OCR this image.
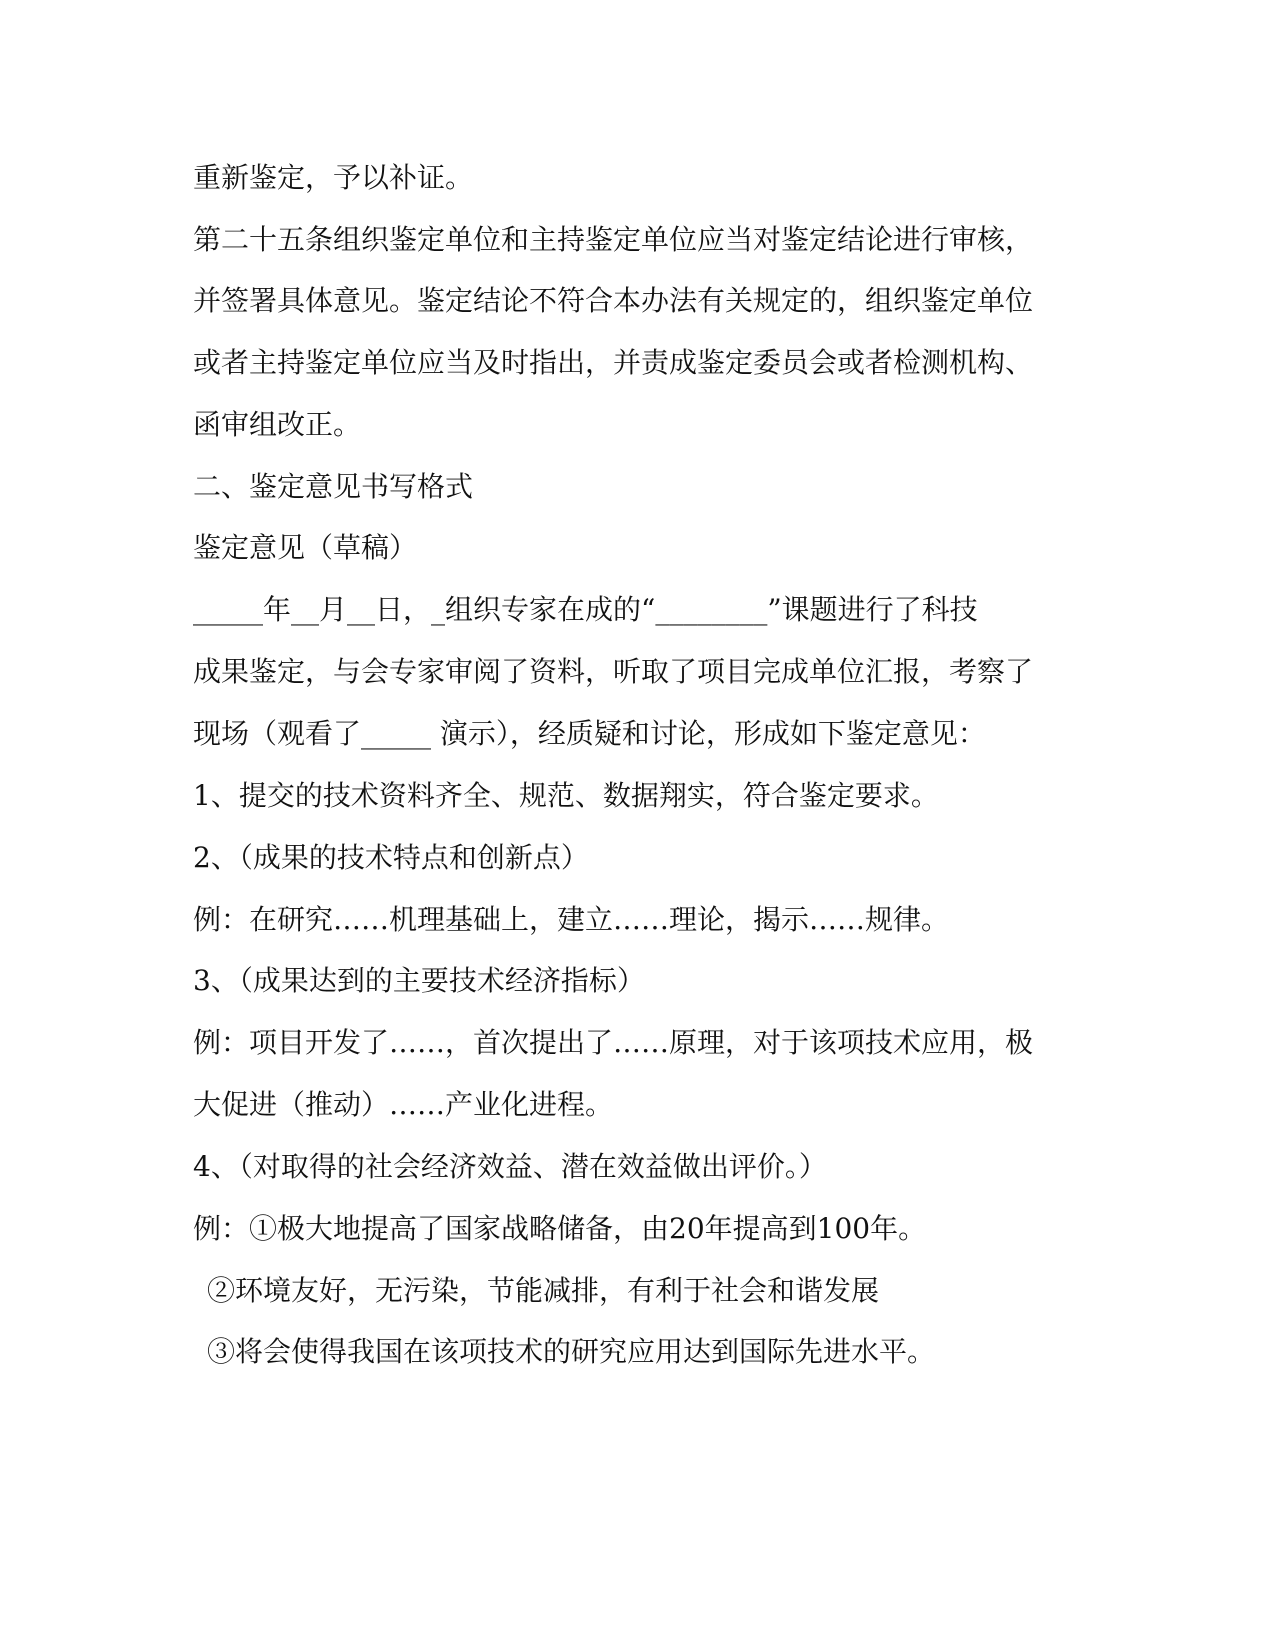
重新鉴定，予以补证。
第二十五条组织鉴定单位和主持鉴定单位应当对鉴定结论进行审核，
并签署具体意见。鉴定结论不符合本办法有关规定的，组织鉴定单位
或者主持鉴定单位应当及时指出，并责成鉴定委员会或者检测机构、
函审组改正。
二、鉴定意见书写格式
鉴定意见（草稿）
_____年__月__日，_组织专家在成的“________”课题进行了科技
成果鉴定，与会专家审阅了资料，听取了项目完成单位汇报，考察了
现场（观看了_____ 演示），经质疑和讨论，形成如下鉴定意见：
1、提交的技术资料齐全、规范、数据翔实，符合鉴定要求。
2、（成果的技术特点和创新点）
例：在研究……机理基础上，建立……理论，揭示……规律。
3、（成果达到的主要技术经济指标）
例：项目开发了……，首次提出了……原理，对于该项技术应用，极
大促进（推动）……产业化进程。
4、（对取得的社会经济效益、潜在效益做出评价。）
例：①极大地提高了国家战略储备，由20年提高到100年。
②环境友好，无污染，节能减排，有利于社会和谐发展
③将会使得我国在该项技术的研究应用达到国际先进水平。
